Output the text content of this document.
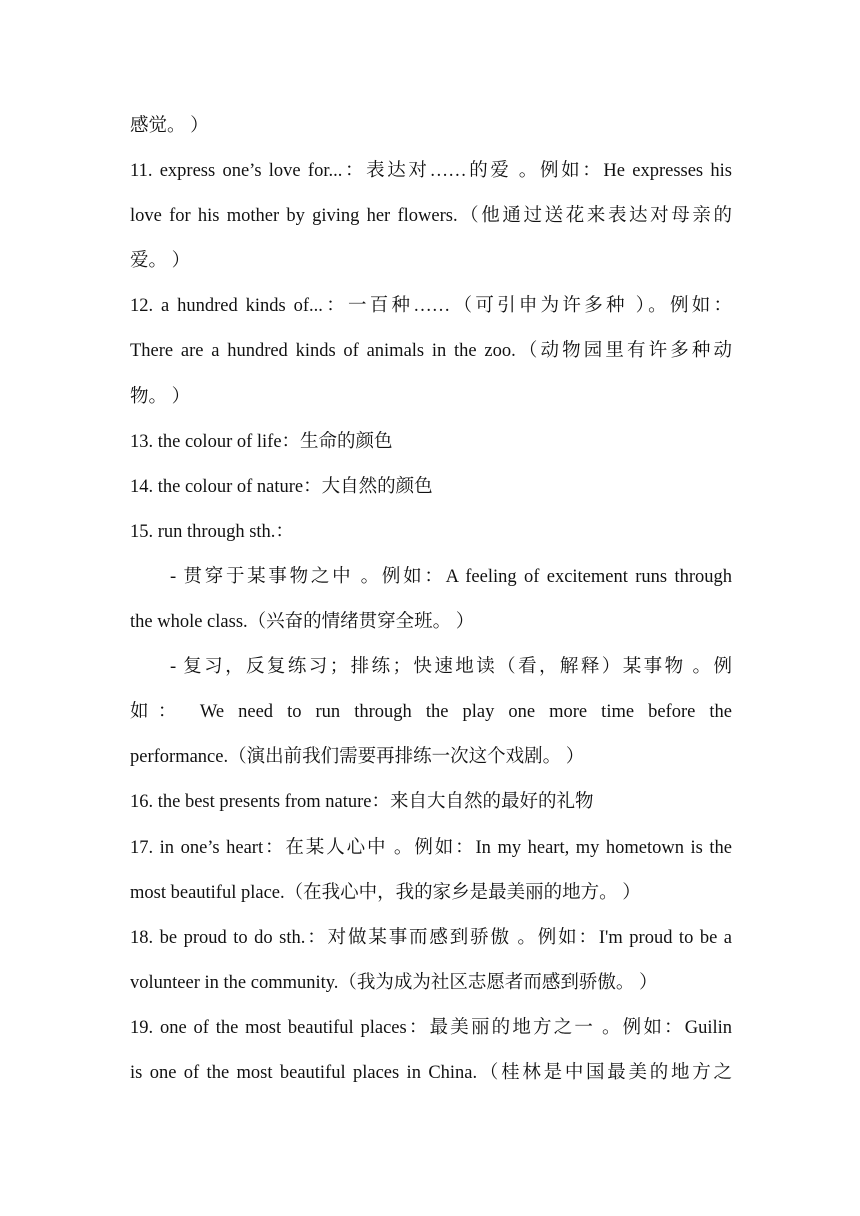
感觉。 ）
11. express one’s love for...：表达对……的爱 。例如：He expresses his
love for his mother by giving her flowers.（他通过送花来表达对母亲的
爱。 ）
12. a hundred kinds of...：一百种……（可引申为许多种 ）。例如：
There are a hundred kinds of animals in the zoo.（动物园里有许多种动
物。 ）
13. the colour of life：生命的颜色
14. the colour of nature：大自然的颜色
15. run through sth.：
- 贯穿于某事物之中 。例如：A feeling of excitement runs through
the whole class.（兴奋的情绪贯穿全班。 ）
- 复习，反复练习；排练；快速地读（看，解释）某事物 。例
如： We need to run through the play one more time before the
performance.（演出前我们需要再排练一次这个戏剧。 ）
16. the best presents from nature：来自大自然的最好的礼物
17. in one’s heart：在某人心中 。例如：In my heart, my hometown is the
most beautiful place.（在我心中，我的家乡是最美丽的地方。 ）
18. be proud to do sth.：对做某事而感到骄傲 。例如：I'm proud to be a
volunteer in the community.（我为成为社区志愿者而感到骄傲。 ）
19. one of the most beautiful places：最美丽的地方之一 。例如：Guilin
is one of the most beautiful places in China.（桂林是中国最美的地方之
